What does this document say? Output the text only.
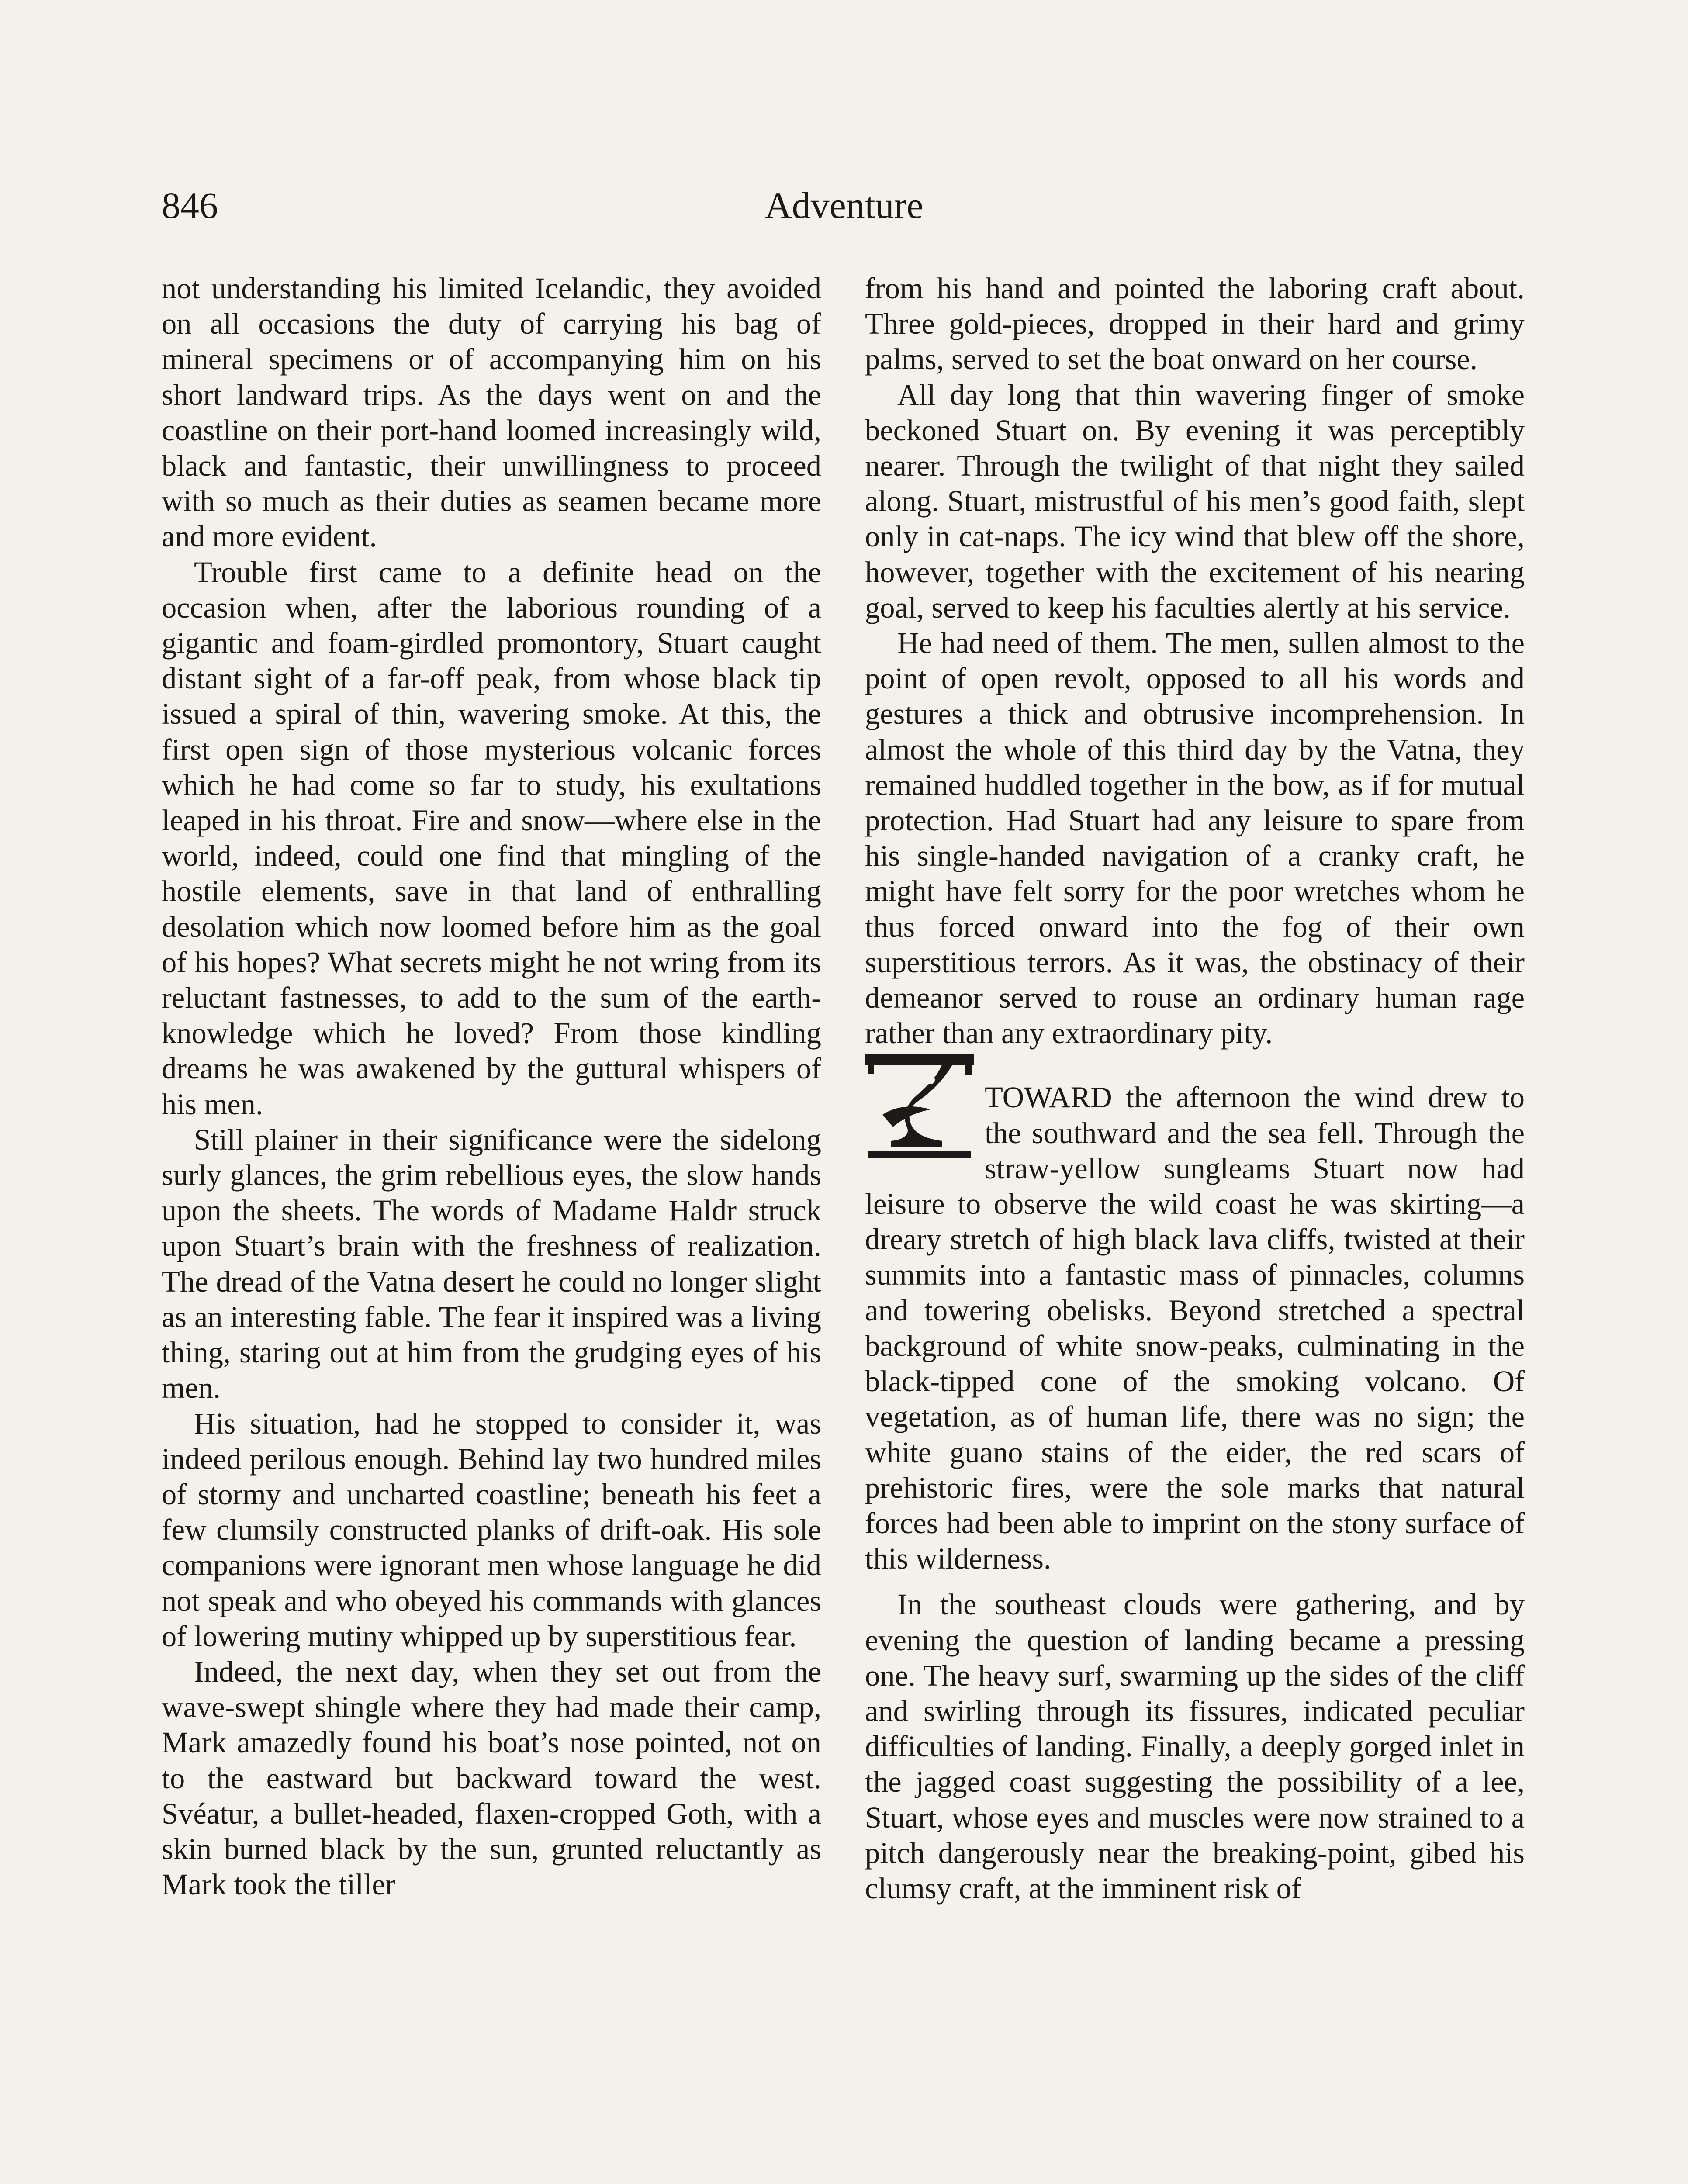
846	Adventure

not understanding his limited Icelandic, they avoided on all occasions the duty of carrying his bag of mineral specimens or of accompanying him on his short landward trips. As the days went on and the coastline on their port-hand loomed increasingly wild, black and fantastic, their unwillingness to proceed with so much as their duties as seamen became more and more evident.

Trouble first came to a definite head on the occasion when, after the laborious rounding of a gigantic and foam-girdled promontory, Stuart caught distant sight of a far-off peak, from whose black tip issued a spiral of thin, wavering smoke. At this, the first open sign of those mysterious volcanic forces which he had come so far to study, his exultations leaped in his throat. Fire and snow—where else in the world, indeed, could one find that mingling of the hostile elements, save in that land of enthralling desolation which now loomed before him as the goal of his hopes? What secrets might he not wring from its reluctant fastnesses, to add to the sum of the earth-knowledge which he loved? From those kindling dreams he was awakened by the guttural whispers of his men.

Still plainer in their significance were the sidelong surly glances, the grim rebellious eyes, the slow hands upon the sheets. The words of Madame Haldr struck upon Stuart’s brain with the freshness of realization. The dread of the Vatna desert he could no longer slight as an interesting fable. The fear it inspired was a living thing, staring out at him from the grudging eyes of his men.

His situation, had he stopped to consider it, was indeed perilous enough. Behind lay two hundred miles of stormy and uncharted coastline; beneath his feet a few clumsily constructed planks of drift-oak. His sole companions were ignorant men whose language he did not speak and who obeyed his commands with glances of lowering mutiny whipped up by superstitious fear.

Indeed, the next day, when they set out from the wave-swept shingle where they had made their camp, Mark amazedly found his boat’s nose pointed, not on to the eastward but backward toward the west. Svéatur, a bullet-headed, flaxen-cropped Goth, with a skin burned black by the sun, grunted reluctantly as Mark took the tiller

from his hand and pointed the laboring craft about. Three gold-pieces, dropped in their hard and grimy palms, served to set the boat onward on her course.

All day long that thin wavering finger of smoke beckoned Stuart on. By evening it was perceptibly nearer. Through the twilight of that night they sailed along. Stuart, mistrustful of his men’s good faith, slept only in cat-naps. The icy wind that blew off the shore, however, together with the excitement of his nearing goal, served to keep his faculties alertly at his service.

He had need of them. The men, sullen almost to the point of open revolt, opposed to all his words and gestures a thick and obtrusive incomprehension. In almost the whole of this third day by the Vatna, they remained huddled together in the bow, as if for mutual protection. Had Stuart had any leisure to spare from his single-handed navigation of a cranky craft, he might have felt sorry for the poor wretches whom he thus forced onward into the fog of their own superstitious terrors. As it was, the obstinacy of their demeanor served to rouse an ordinary human rage rather than any extraordinary pity.

TOWARD the afternoon the wind drew to the southward and the sea fell. Through the straw-yellow sungleams Stuart now had leisure to observe the wild coast he was skirting—a dreary stretch of high black lava cliffs, twisted at their summits into a fantastic mass of pinnacles, columns and towering obelisks. Beyond stretched a spectral background of white snow-peaks, culminating in the black-tipped cone of the smoking volcano. Of vegetation, as of human life, there was no sign; the white guano stains of the eider, the red scars of prehistoric fires, were the sole marks that natural forces had been able to imprint on the stony surface of this wilderness.

In the southeast clouds were gathering, and by evening the question of landing became a pressing one. The heavy surf, swarming up the sides of the cliff and swirling through its fissures, indicated peculiar difficulties of landing. Finally, a deeply gorged inlet in the jagged coast suggesting the possibility of a lee, Stuart, whose eyes and muscles were now strained to a pitch dangerously near the breaking-point, gibed his clumsy craft, at the imminent risk of
